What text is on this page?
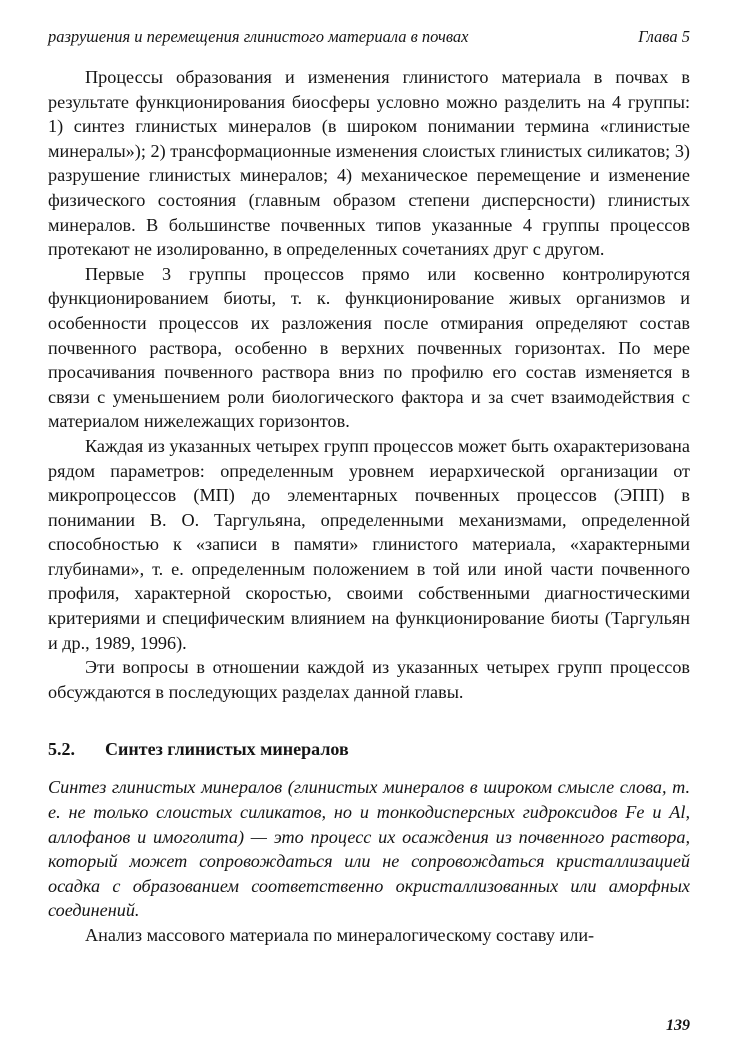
разрушения и перемещения глинистого материала в почвах	Глава 5

Процессы образования и изменения глинистого материала в почвах в результате функционирования биосферы условно можно разделить на 4 группы: 1) синтез глинистых минералов (в широком понимании термина «глинистые минералы»); 2) трансформационные изменения слоистых глинистых силикатов; 3) разрушение глинистых минералов; 4) механическое перемещение и изменение физического состояния (главным образом степени дисперсности) глинистых минералов. В большинстве почвенных типов указанные 4 группы процессов протекают не изолированно, в определенных сочетаниях друг с другом.

Первые 3 группы процессов прямо или косвенно контролируются функционированием биоты, т. к. функционирование живых организмов и особенности процессов их разложения после отмирания определяют состав почвенного раствора, особенно в верхних почвенных горизонтах. По мере просачивания почвенного раствора вниз по профилю его состав изменяется в связи с уменьшением роли биологического фактора и за счет взаимодействия с материалом нижележащих горизонтов.

Каждая из указанных четырех групп процессов может быть охарактеризована рядом параметров: определенным уровнем иерархической организации от микропроцессов (МП) до элементарных почвенных процессов (ЭПП) в понимании В. О. Таргульяна, определенными механизмами, определенной способностью к «записи в памяти» глинистого материала, «характерными глубинами», т. е. определенным положением в той или иной части почвенного профиля, характерной скоростью, своими собственными диагностическими критериями и специфическим влиянием на функционирование биоты (Таргульян и др., 1989, 1996).

Эти вопросы в отношении каждой из указанных четырех групп процессов обсуждаются в последующих разделах данной главы.

5.2. Синтез глинистых минералов

Синтез глинистых минералов (глинистых минералов в широком смысле слова, т. е. не только слоистых силикатов, но и тонкодисперсных гидроксидов Fe и Al, аллофанов и имоголита) — это процесс их осаждения из почвенного раствора, который может сопровождаться или не сопровождаться кристаллизацией осадка с образованием соответственно окристаллизованных или аморфных соединений.

Анализ массового материала по минералогическому составу или-

139
